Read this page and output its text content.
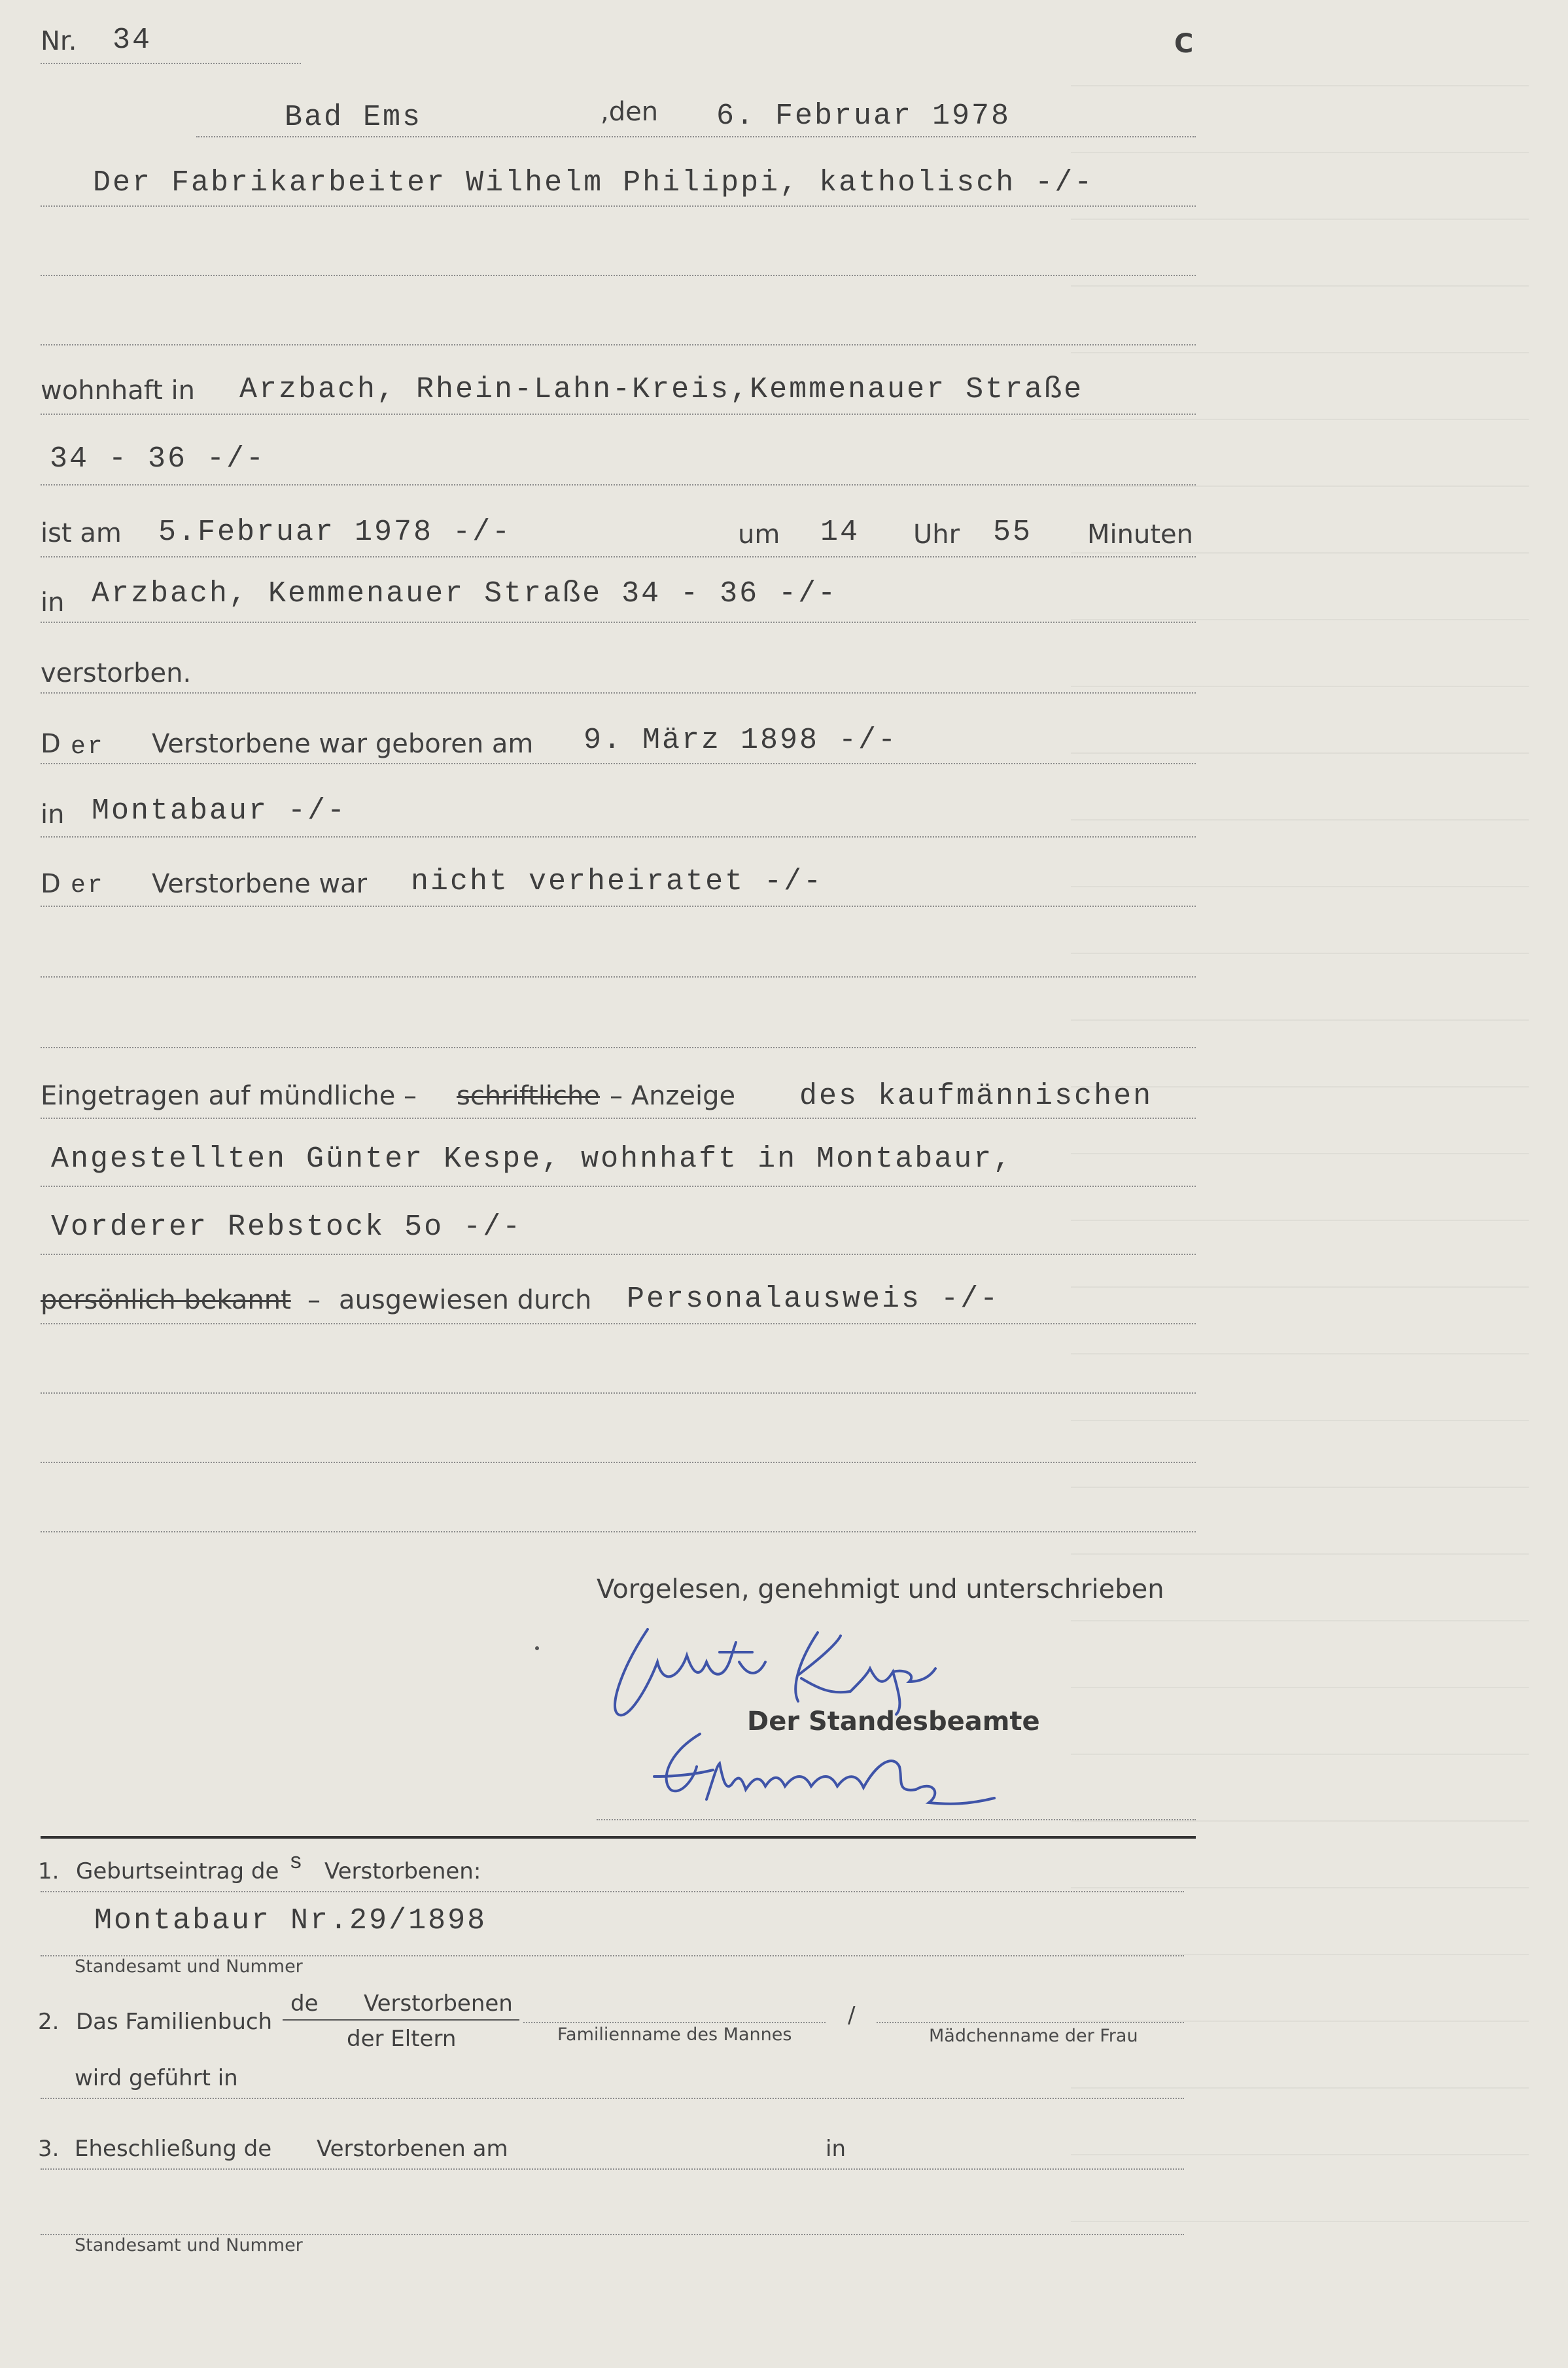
Nr. 34	C
Bad Ems	,den 6. Februar 1978
Der Fabrikarbeiter Wilhelm Philippi, katholisch -/-
wohnhaft in Arzbach, Rhein-Lahn-Kreis,Kemmenauer Straße
34 - 36 -/-
ist am 5.Februar 1978 -/-	um 14 Uhr 55 Minuten
in Arzbach, Kemmenauer Straße 34 - 36 -/-
verstorben.
D er Verstorbene war geboren am 9. März 1898 -/-
in Montabaur -/-
D er Verstorbene war nicht verheiratet -/-
Eingetragen auf mündliche – schriftliche – Anzeige des kaufmännischen
Angestellten Günter Kespe, wohnhaft in Montabaur,
Vorderer Rebstock 5o -/-
persönlich bekannt – ausgewiesen durch Personalausweis -/-
Vorgelesen, genehmigt und unterschrieben
Der Standesbeamte
1. Geburtseintrag de s Verstorbenen:
Montabaur Nr.29/1898
Standesamt und Nummer
2. Das Familienbuch
de Verstorbenen
der Eltern	Familienname des Mannes
/
Mädchenname der Frau
wird geführt in
3. Eheschließung de Verstorbenen am	in
Standesamt und Nummer
